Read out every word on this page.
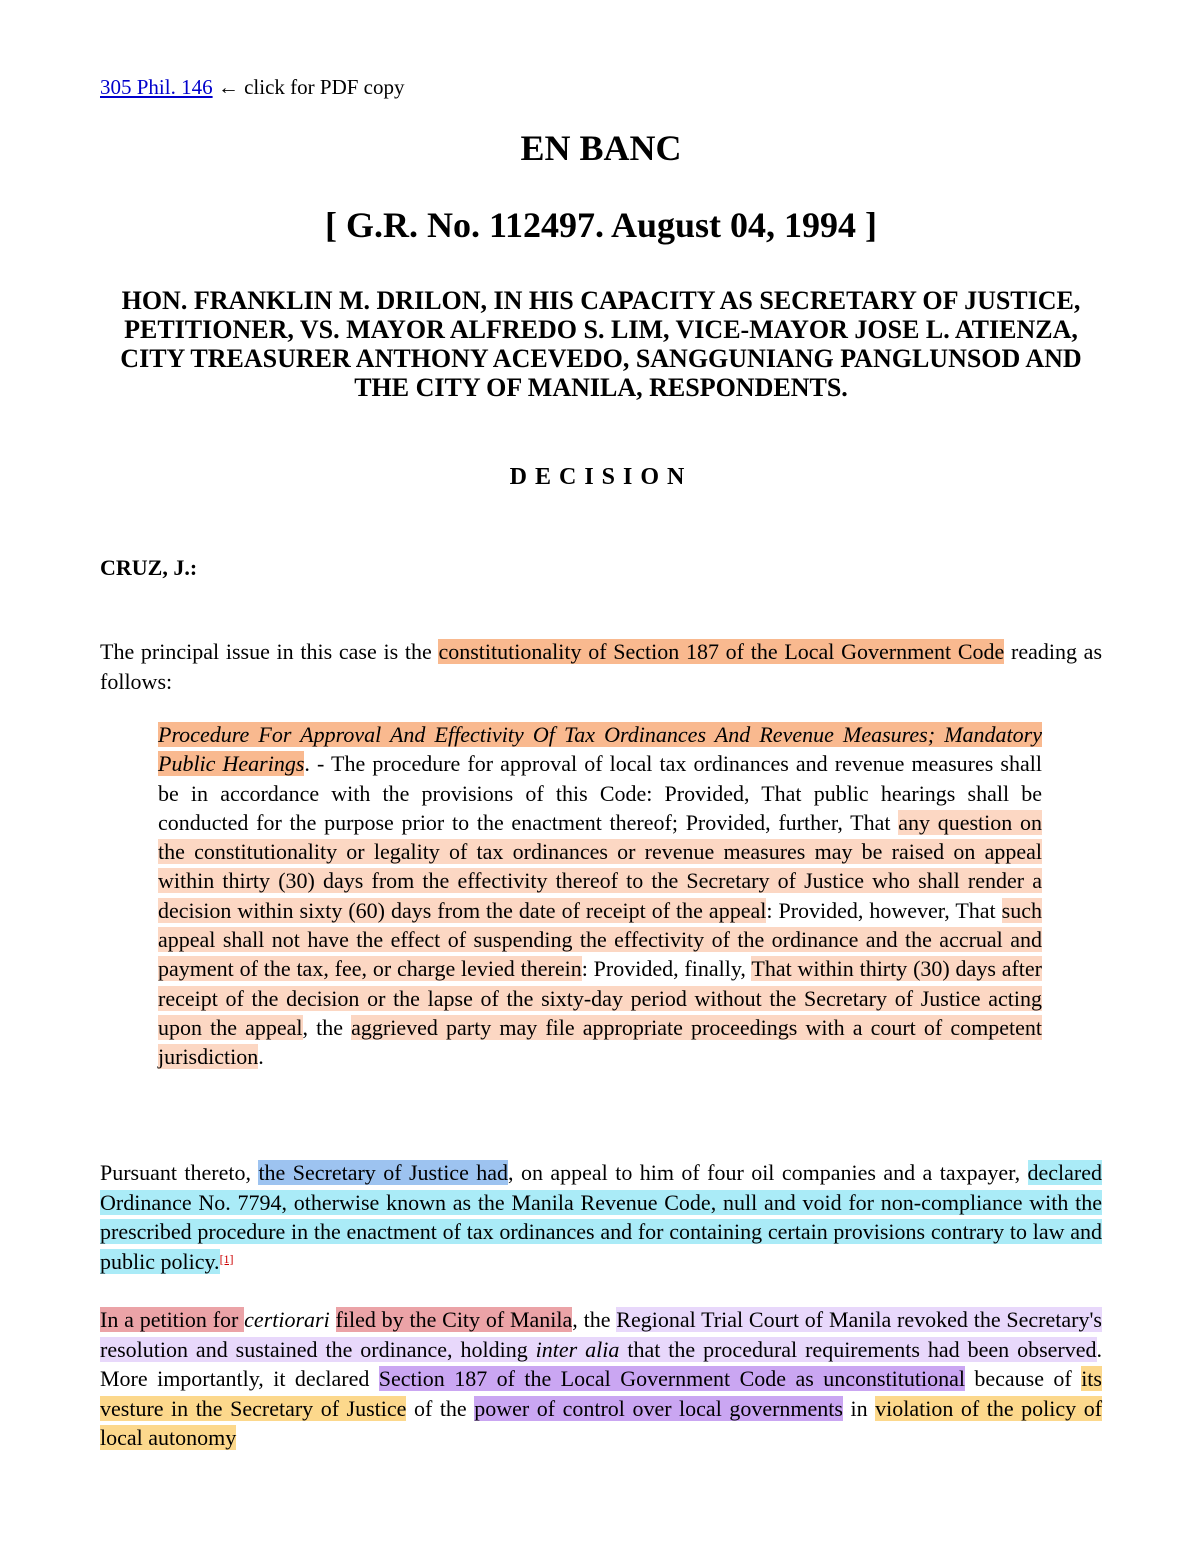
305 Phil. 146 ← click for PDF copy
EN BANC
[ G.R. No. 112497. August 04, 1994 ]
HON. FRANKLIN M. DRILON, IN HIS CAPACITY AS SECRETARY OF JUSTICE, PETITIONER, VS. MAYOR ALFREDO S. LIM, VICE-MAYOR JOSE L. ATIENZA, CITY TREASURER ANTHONY ACEVEDO, SANGGUNIANG PANGLUNSOD AND THE CITY OF MANILA, RESPONDENTS.
DECISION
CRUZ, J.:
The principal issue in this case is the constitutionality of Section 187 of the Local Government Code reading as follows:
Procedure For Approval And Effectivity Of Tax Ordinances And Revenue Measures; Mandatory Public Hearings. - The procedure for approval of local tax ordinances and revenue measures shall be in accordance with the provisions of this Code: Provided, That public hearings shall be conducted for the purpose prior to the enactment thereof; Provided, further, That any question on the constitutionality or legality of tax ordinances or revenue measures may be raised on appeal within thirty (30) days from the effectivity thereof to the Secretary of Justice who shall render a decision within sixty (60) days from the date of receipt of the appeal: Provided, however, That such appeal shall not have the effect of suspending the effectivity of the ordinance and the accrual and payment of the tax, fee, or charge levied therein: Provided, finally, That within thirty (30) days after receipt of the decision or the lapse of the sixty-day period without the Secretary of Justice acting upon the appeal, the aggrieved party may file appropriate proceedings with a court of competent jurisdiction.
Pursuant thereto, the Secretary of Justice had, on appeal to him of four oil companies and a taxpayer, declared Ordinance No. 7794, otherwise known as the Manila Revenue Code, null and void for non-compliance with the prescribed procedure in the enactment of tax ordinances and for containing certain provisions contrary to law and public policy.[1]
In a petition for certiorari filed by the City of Manila, the Regional Trial Court of Manila revoked the Secretary's resolution and sustained the ordinance, holding inter alia that the procedural requirements had been observed. More importantly, it declared Section 187 of the Local Government Code as unconstitutional because of its vesture in the Secretary of Justice of the power of control over local governments in violation of the policy of local autonomy
